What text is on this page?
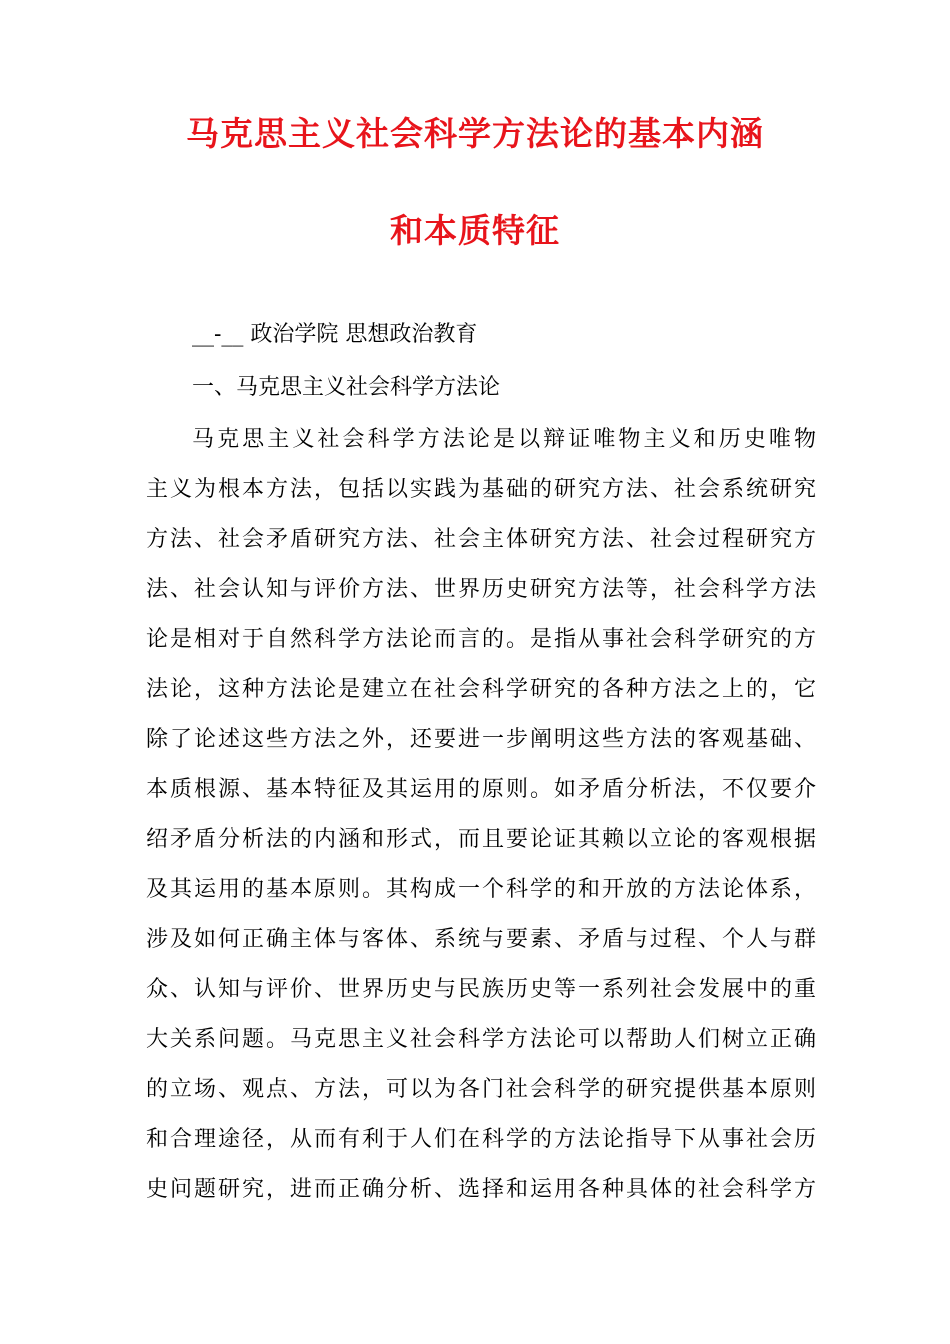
马克思主义社会科学方法论的基本内涵
和本质特征
__-__ 政治学院 思想政治教育
一、马克思主义社会科学方法论
马克思主义社会科学方法论是以辩证唯物主义和历史唯物
主义为根本方法，包括以实践为基础的研究方法、社会系统研究
方法、社会矛盾研究方法、社会主体研究方法、社会过程研究方
法、社会认知与评价方法、世界历史研究方法等，社会科学方法
论是相对于自然科学方法论而言的。是指从事社会科学研究的方
法论，这种方法论是建立在社会科学研究的各种方法之上的，它
除了论述这些方法之外，还要进一步阐明这些方法的客观基础、
本质根源、基本特征及其运用的原则。如矛盾分析法，不仅要介
绍矛盾分析法的内涵和形式，而且要论证其赖以立论的客观根据
及其运用的基本原则。其构成一个科学的和开放的方法论体系，
涉及如何正确主体与客体、系统与要素、矛盾与过程、个人与群
众、认知与评价、世界历史与民族历史等一系列社会发展中的重
大关系问题。马克思主义社会科学方法论可以帮助人们树立正确
的立场、观点、方法，可以为各门社会科学的研究提供基本原则
和合理途径，从而有利于人们在科学的方法论指导下从事社会历
史问题研究，进而正确分析、选择和运用各种具体的社会科学方
